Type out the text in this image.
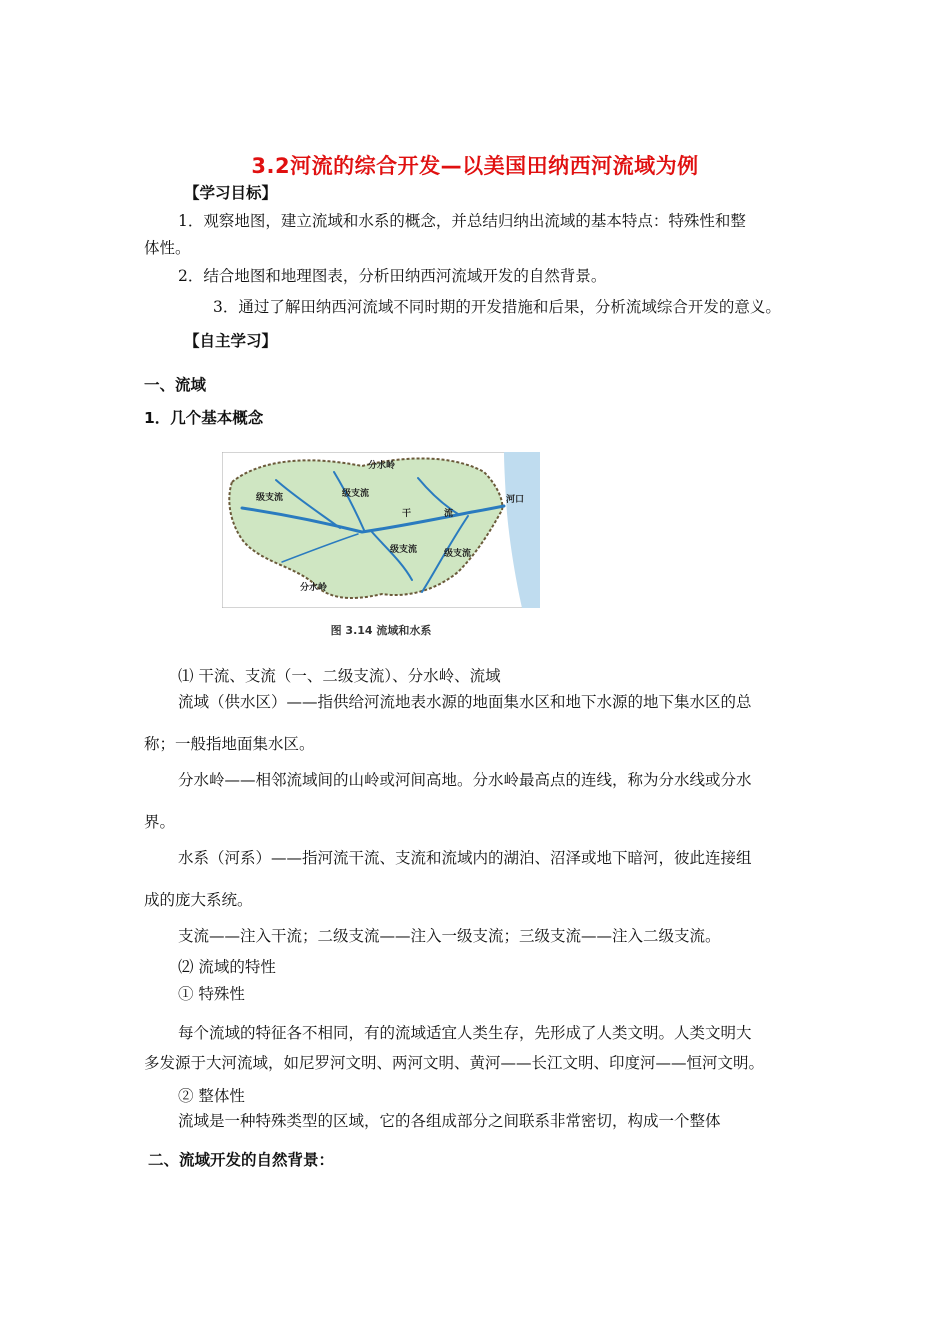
3.2河流的综合开发—以美国田纳西河流域为例
【学习目标】
1．观察地图，建立流域和水系的概念，并总结归纳出流域的基本特点：特殊性和整
体性。
2．结合地图和地理图表，分析田纳西河流域开发的自然背景。
3．通过了解田纳西河流域不同时期的开发措施和后果，分析流域综合开发的意义。
【自主学习】
一、流域
1．几个基本概念
分水岭
分水岭
级支流	级支流
级支流	级支流
干	流
河口
图 3.14 流域和水系
⑴ 干流、支流（一、二级支流）、分水岭、流域
流域（供水区）——指供给河流地表水源的地面集水区和地下水源的地下集水区的总
称；一般指地面集水区。
分水岭——相邻流域间的山岭或河间高地。分水岭最高点的连线，称为分水线或分水
界。
水系（河系）——指河流干流、支流和流域内的湖泊、沼泽或地下暗河，彼此连接组
成的庞大系统。
支流——注入干流；二级支流——注入一级支流；三级支流——注入二级支流。
⑵ 流域的特性
① 特殊性
每个流域的特征各不相同，有的流域适宜人类生存，先形成了人类文明。人类文明大
多发源于大河流域，如尼罗河文明、两河文明、黄河——长江文明、印度河——恒河文明。
② 整体性
流域是一种特殊类型的区域，它的各组成部分之间联系非常密切，构成一个整体
二、流域开发的自然背景：
